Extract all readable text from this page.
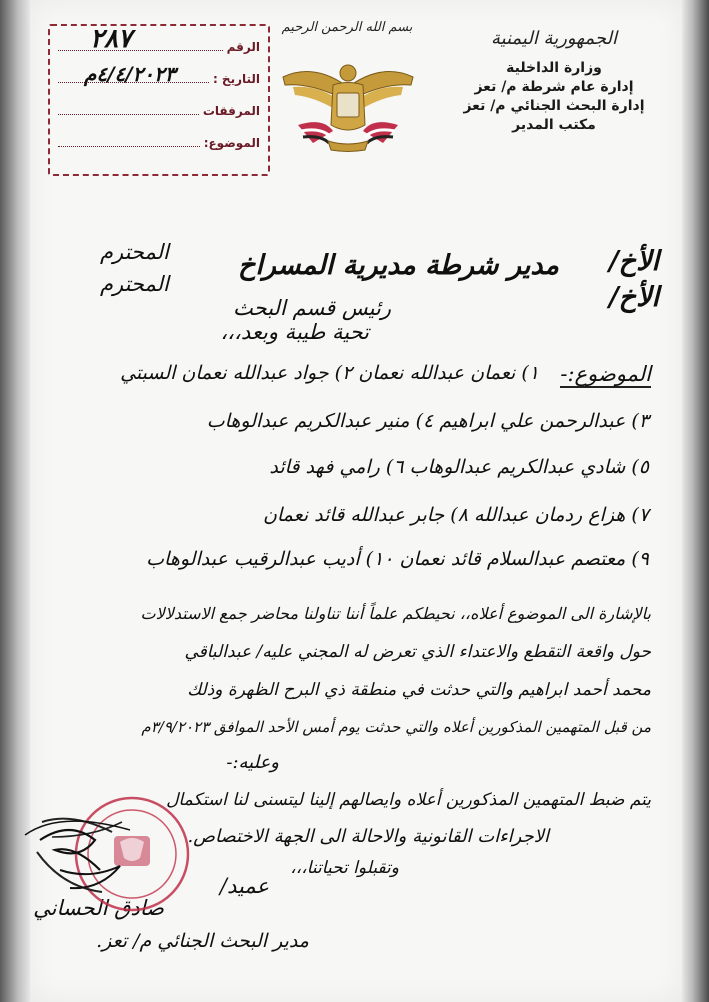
الجمهورية اليمنية
وزارة الداخلية
إدارة عام شرطة م/ تعز
إدارة البحث الجنائي م/ تعز
مكتب المدير
بسم الله الرحمن الرحيم
الرقم
التاريخ :
المرفقات
الموضوع:
٢٨٧
٤/٤/٢٠٢٣م
الأخ/
الأخ/
مدير شرطة مديرية المسراخ
رئيس قسم البحث
المحترم
المحترم
تحية طيبة وبعد،،،
الموضوع:-
١) نعمان عبدالله نعمان ٢) جواد عبدالله نعمان السبتي
٣) عبدالرحمن علي ابراهيم ٤) منير عبدالكريم عبدالوهاب
٥) شادي عبدالكريم عبدالوهاب ٦) رامي فهد قائد
٧) هزاع ردمان عبدالله ٨) جابر عبدالله قائد نعمان
٩) معتصم عبدالسلام قائد نعمان ١٠) أديب عبدالرقيب عبدالوهاب
بالإشارة الى الموضوع أعلاه،، نحيطكم علماً أننا تناولنا محاضر جمع الاستدلالات
حول واقعة التقطع والاعتداء الذي تعرض له المجني عليه/ عبدالباقي
محمد أحمد ابراهيم والتي حدثت في منطقة ذي البرح الظهرة وذلك
من قبل المتهمين المذكورين أعلاه والتي حدثت يوم أمس الأحد الموافق ٣/٩/٢٠٢٣م
وعليه:-
يتم ضبط المتهمين المذكورين أعلاه وايصالهم إلينا ليتسنى لنا استكمال
الاجراءات القانونية والاحالة الى الجهة الاختصاص.
وتقبلوا تحياتنا،،،
عميد/
صادق الحساني
مدير البحث الجنائي م/ تعز.
